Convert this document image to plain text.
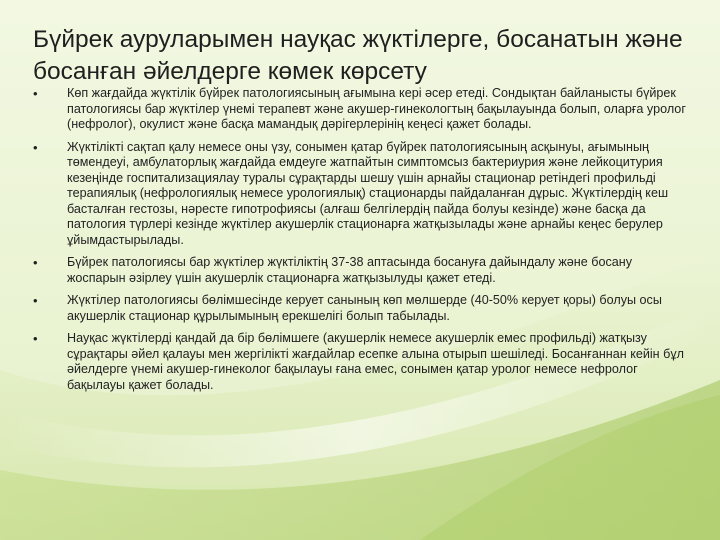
Бүйрек ауруларымен науқас жүктілерге, босанатын және босанған әйелдерге көмек көрсету
• Көп жағдайда жүктілік бүйрек патологиясының ағымына кері әсер етеді. Сондықтан байланысты бүйрек патологиясы бар жүктілер үнемі терапевт және акушер-гинекологтың бақылауында болып, оларға уролог (нефролог), окулист және басқа мамандық дәрігерлерінің кеңесі қажет болады.
• Жүктілікті сақтап қалу немесе оны үзу, сонымен қатар бүйрек патологиясының асқынуы, ағымының төмендеуі, амбулаторлық жағдайда емдеуге жатпайтын симптомсыз бактериурия және лейкоцитурия кезеңінде госпитализациялау туралы сұрақтарды шешу үшін арнайы стационар ретіндегі профильді терапиялық (нефрологиялық немесе урологиялық) стационарды пайдаланған дұрыс. Жүктілердің кеш басталған гестозы, нәресте гипотрофиясы (алғаш белгілердің пайда болуы кезінде) және басқа да патология түрлері кезінде жүктілер акушерлік стационарға жатқызылады және арнайы кеңес берулер ұйымдастырылады.
• Бүйрек патологиясы бар жүктілер жүктіліктің 37-38 аптасында босануға дайындалу және босану жоспарын әзірлеу үшін акушерлік стационарға жатқызылуды қажет етеді.
• Жүктілер патологиясы бөлімшесінде керует санының көп мөлшерде (40-50% керует қоры) болуы осы акушерлік стационар құрылымының ерекшелігі болып табылады.
• Науқас жүктілерді қандай да бір бөлімшеге (акушерлік немесе акушерлік емес профильді) жатқызу сұрақтары әйел қалауы мен жергілікті жағдайлар есепке алына отырып шешіледі. Босанғаннан кейін бұл әйелдерге үнемі акушер-гинеколог бақылауы ғана емес, сонымен қатар уролог немесе нефролог бақылауы қажет болады.
